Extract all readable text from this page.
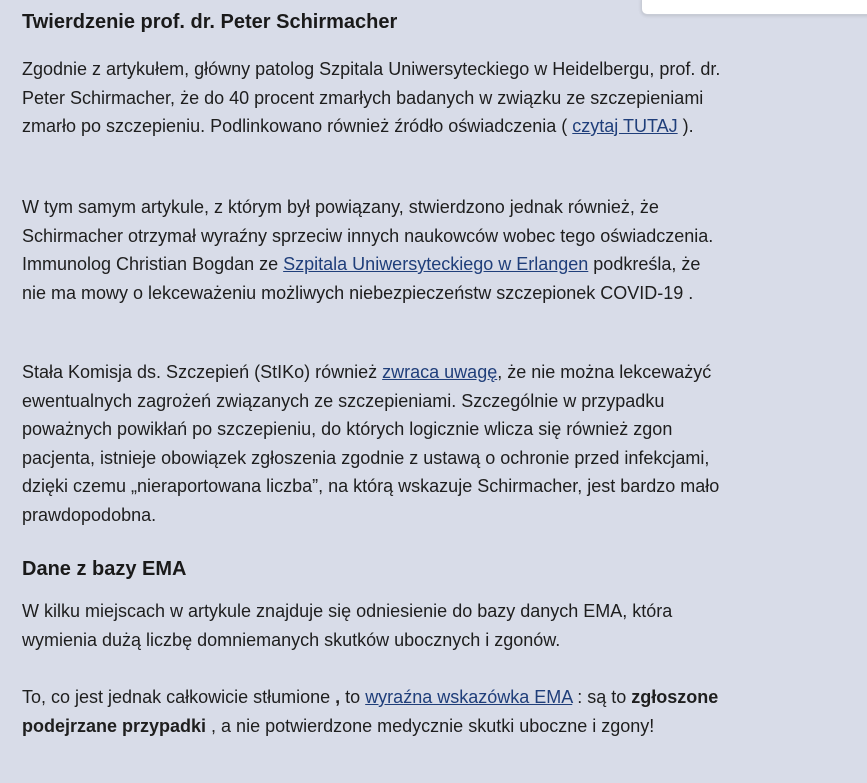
Twierdzenie prof. dr. Peter Schirmacher

Zgodnie z artykułem, główny patolog Szpitala Uniwersyteckiego w Heidelbergu, prof. dr. Peter Schirmacher, że do 40 procent zmarłych badanych w związku ze szczepieniami zmarło po szczepieniu. Podlinkowano również źródło oświadczenia ( czytaj TUTAJ ).

W tym samym artykule, z którym był powiązany, stwierdzono jednak również, że Schirmacher otrzymał wyraźny sprzeciw innych naukowców wobec tego oświadczenia. Immunolog Christian Bogdan ze Szpitala Uniwersyteckiego w Erlangen podkreśla, że nie ma mowy o lekceważeniu możliwych niebezpieczeństw szczepionek COVID-19 .

Stała Komisja ds. Szczepień (StIKo) również zwraca uwagę, że nie można lekceważyć ewentualnych zagrożeń związanych ze szczepieniami. Szczególnie w przypadku poważnych powikłań po szczepieniu, do których logicznie wlicza się również zgon pacjenta, istnieje obowiązek zgłoszenia zgodnie z ustawą o ochronie przed infekcjami, dzięki czemu „nieraportowana liczba”, na którą wskazuje Schirmacher, jest bardzo mało prawdopodobna.

Dane z bazy EMA

W kilku miejscach w artykule znajduje się odniesienie do bazy danych EMA, która wymienia dużą liczbę domniemanych skutków ubocznych i zgonów.

To, co jest jednak całkowicie stłumione , to wyraźna wskazówka EMA : są to zgłoszone podejrzane przypadki , a nie potwierdzone medycznie skutki uboczne i zgony!
